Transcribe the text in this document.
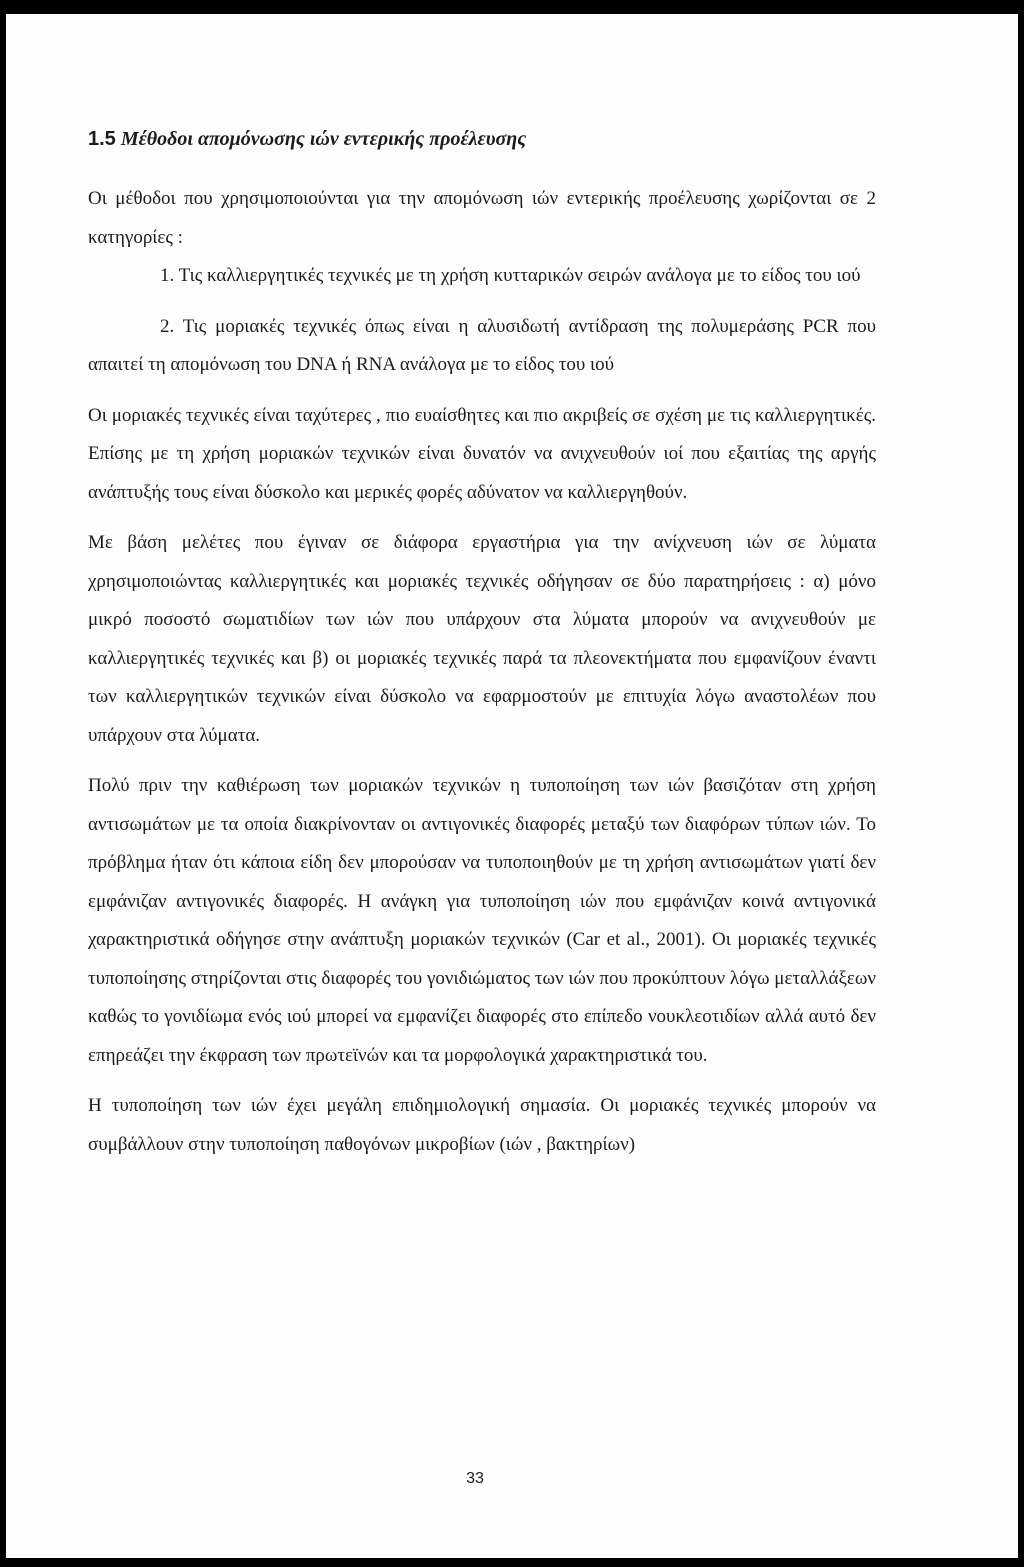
1.5 Μέθοδοι απομόνωσης ιών εντερικής προέλευσης

Οι μέθοδοι που χρησιμοποιούνται για την απομόνωση ιών εντερικής προέλευσης χωρίζονται σε 2 κατηγορίες :

1. Τις καλλιεργητικές τεχνικές με τη χρήση κυτταρικών σειρών ανάλογα με το είδος του ιού

2. Τις μοριακές τεχνικές όπως είναι η αλυσιδωτή αντίδραση της πολυμεράσης PCR που απαιτεί τη απομόνωση του DNA ή RNA ανάλογα με το είδος του ιού

Οι μοριακές τεχνικές είναι ταχύτερες , πιο ευαίσθητες και πιο ακριβείς σε σχέση με τις καλλιεργητικές. Επίσης με τη χρήση μοριακών τεχνικών είναι δυνατόν να ανιχνευθούν ιοί που εξαιτίας της αργής ανάπτυξής τους είναι δύσκολο και μερικές φορές αδύνατον να καλλιεργηθούν.

Με βάση μελέτες που έγιναν σε διάφορα εργαστήρια για την ανίχνευση ιών σε λύματα χρησιμοποιώντας καλλιεργητικές και μοριακές τεχνικές οδήγησαν σε δύο παρατηρήσεις : α) μόνο μικρό ποσοστό σωματιδίων των ιών που υπάρχουν στα λύματα μπορούν να ανιχνευθούν με καλλιεργητικές τεχνικές και β) οι μοριακές τεχνικές παρά τα πλεονεκτήματα που εμφανίζουν έναντι των καλλιεργητικών τεχνικών είναι δύσκολο να εφαρμοστούν με επιτυχία λόγω αναστολέων που υπάρχουν στα λύματα.

Πολύ πριν την καθιέρωση των μοριακών τεχνικών η τυποποίηση των ιών βασιζόταν στη χρήση αντισωμάτων με τα οποία διακρίνονταν οι αντιγονικές διαφορές μεταξύ των διαφόρων τύπων ιών. Το πρόβλημα ήταν ότι κάποια είδη δεν μπορούσαν να τυποποιηθούν με τη χρήση αντισωμάτων γιατί δεν εμφάνιζαν αντιγονικές διαφορές. Η ανάγκη για τυποποίηση ιών που εμφάνιζαν κοινά αντιγονικά χαρακτηριστικά οδήγησε στην ανάπτυξη μοριακών τεχνικών (Car et al., 2001). Οι μοριακές τεχνικές τυποποίησης στηρίζονται στις διαφορές του γονιδιώματος των ιών που προκύπτουν λόγω μεταλλάξεων καθώς το γονιδίωμα ενός ιού μπορεί να εμφανίζει διαφορές στο επίπεδο νουκλεοτιδίων αλλά αυτό δεν επηρεάζει την έκφραση των πρωτεϊνών και τα μορφολογικά χαρακτηριστικά του.

Η τυποποίηση των ιών έχει μεγάλη επιδημιολογική σημασία. Οι μοριακές τεχνικές μπορούν να συμβάλλουν στην τυποποίηση παθογόνων μικροβίων (ιών , βακτηρίων)

33
